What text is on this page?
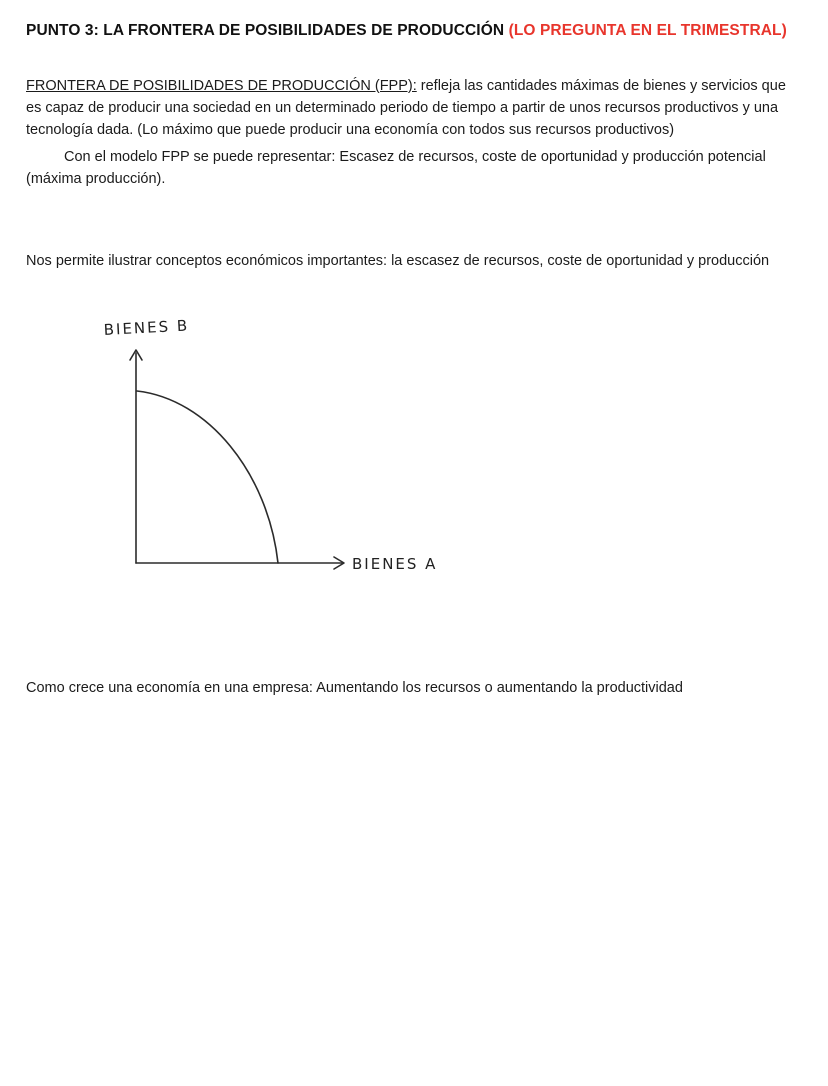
PUNTO 3: LA FRONTERA DE POSIBILIDADES DE PRODUCCIÓN (LO PREGUNTA EN EL TRIMESTRAL)

FRONTERA DE POSIBILIDADES DE PRODUCCIÓN (FPP): refleja las cantidades máximas de bienes y servicios que es capaz de producir una sociedad en un determinado periodo de tiempo a partir de unos recursos productivos y una tecnología dada. (Lo máximo que puede producir una economía con todos sus recursos productivos)

Con el modelo FPP se puede representar: Escasez de recursos, coste de oportunidad y producción potencial (máxima producción).

Nos permite ilustrar conceptos económicos importantes: la escasez de recursos, coste de oportunidad y producción

BIENES B
BIENES A

Como crece una economía en una empresa: Aumentando los recursos o aumentando la productividad
